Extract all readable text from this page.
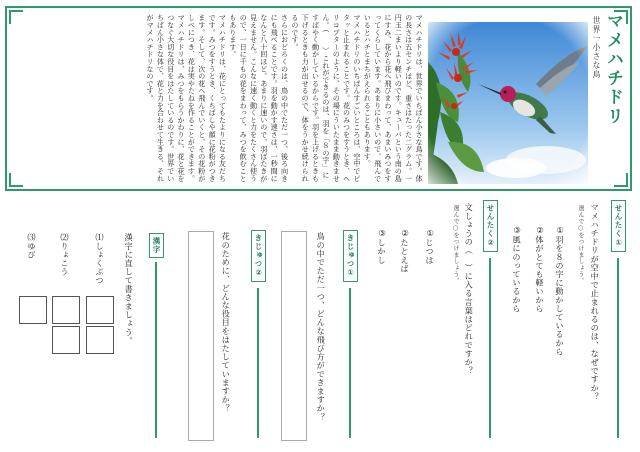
マメハチドリ
世界一小さな鳥

マメハチドリは、世界でいちばん小さな鳥です。体の長さは五センチほど、重さはたった二グラム。一円玉二まいより軽いのです。キューバという南の島にすみ、花から花へ飛びまわって、あまいみつをすってくらしています。あまりに小さいので、飛んでいるとハチとまちがえられることもあります。

マメハチドリのいちばんすごいところは、空中でピタッと止まれることです。花のみつをすうとき、ヘリコプターのように、その場にういたまま動きません。（　　）これができるのは、羽を「８の字」にすばやく動かしているからです。羽を上げるときも下げるときも力が出せるので、体をうかせ続けられるのです。

さらにおどろくのは、鳥の中でただ一つ、後ろ向きにも飛べることです。羽を動かす速さは、一秒間になんと八十回ほど。あまりに速いので、羽ばたきが見えません。こんなに速く動くと力をたくさん使うので、一日に千もの花をまわって、みつを飲むこともあります。

マメハチドリは、花にとってもたよりになる友だちです。みつをすうとき、くちばしや顔に花粉がつきます。そして、次の花へ飛んでいくと、その花粉がしべにつき、花は実やたねを作ることができます。マメハチドリは、みつをもらうかわりに、花と花をつなぐ大切な役目をはたしているのです。世界でいちばん小さな体で、花と力を合わせて生きる、それがマメハチドリなのです。

せんたく①
マメハチドリが空中で止まれるのは、なぜですか？
選んで○をつけましょう。
①羽を８の字に動かしているから
②体がとても軽いから
③風にのっているから
せんたく②
文しょうの（　）に入る言葉はどれですか？
選んで○をつけましょう。
①じつは
②たとえば
③しかし
きじゅつ①
鳥の中でただ一つ、どんな飛び方ができますか？
きじゅつ②
花のために、どんな役目をはたしていますか？
漢字
漢字に直して書きましょう。
⑴しょくぶつ
⑵りょこう
⑶ゆび
